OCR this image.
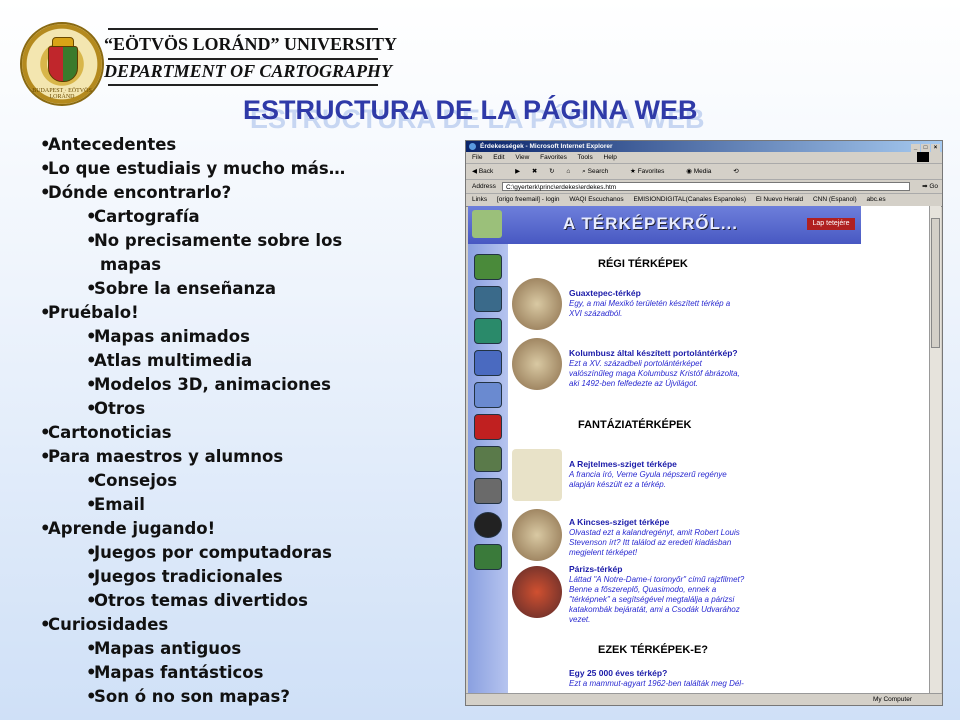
BUDAPEST · EÖTVÖS LORÁND
“EÖTVÖS LORÁND” UNIVERSITY
DEPARTMENT OF CARTOGRAPHY
ESTRUCTURA DE LA PÁGINA WEB
•
Antecedentes
•
Lo que estudiais y mucho más…
•
Dónde encontrarlo?
•
Cartografía
•
No precisamente sobre los
mapas
•
Sobre la enseñanza
•
Pruébalo!
•
Mapas animados
•
Atlas multimedia
•
Modelos 3D, animaciones
•
Otros
•
Cartonoticias
•
Para maestros y alumnos
•
Consejos
•
Email
•
Aprende jugando!
•
Juegos por computadoras
•
Juegos tradicionales
•
Otros temas divertidos
•
Curiosidades
•
Mapas antiguos
•
Mapas fantásticos
•
Son ó no son mapas?
Érdekességek - Microsoft Internet Explorer	_ □ ×
File Edit View Favorites Tools Help
◀ Back	▶ ✖ ↻ ⌂ ⌕ Search	★ Favorites	◉ Media	⟲
Address	C:\gyerterk\princ\erdekes\erdekes.htm	➡ Go
Links [origo freemail] - login WAQI Escuchanos EMISIONDIGITAL(Canales Espanoles) El Nuevo Herald CNN (Espanol) abc.es
A TÉRKÉPEKRŐL...	Lap tetejére
RÉGI TÉRKÉPEK
Guaxtepec-térkép
Egy, a mai Mexikó területén készített térkép a
XVI századból.
Kolumbusz által készített portolántérkép?
Ezt a XV. századbeli portolántérképet
valószínűleg maga Kolumbusz Kristóf ábrázolta,
aki 1492-ben felfedezte az Újvilágot.
FANTÁZIATÉRKÉPEK
A Rejtelmes-sziget térképe
A francia író, Verne Gyula népszerű regénye
alapján készült ez a térkép.
A Kincses-sziget térképe
Olvastad ezt a kalandregényt, amit Robert Louis
Stevenson írt? Itt találod az eredeti kiadásban
megjelent térképet!
Párizs-térkép
Láttad "A Notre-Dame-i toronyőr" című rajzfilmet?
Benne a főszereplő, Quasimodo, ennek a
"térképnek" a segítségével megtalálja a párizsi
katakombák bejáratát, ami a Csodák Udvarához
vezet.
EZEK TÉRKÉPEK-E?
Egy 25 000 éves térkép?
Ezt a mammut-agyart 1962-ben találták meg Dél-
My Computer
